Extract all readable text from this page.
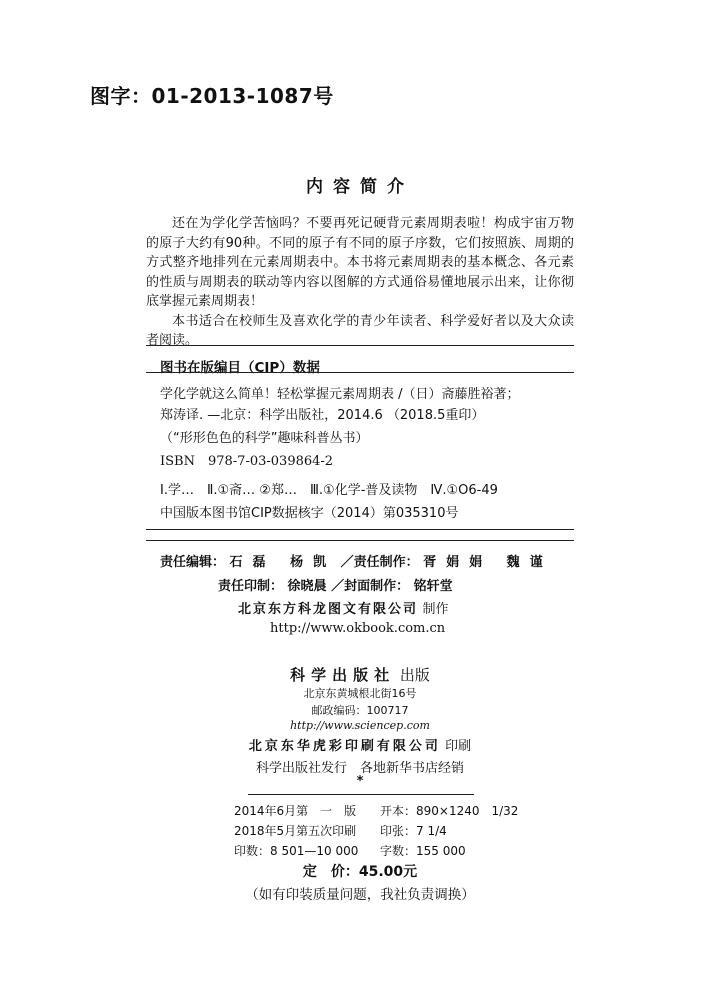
图字：01-2013-1087号
内容简介

还在为学化学苦恼吗？不要再死记硬背元素周期表啦！构成宇宙万物的原子大约有90种。不同的原子有不同的原子序数，它们按照族、周期的方式整齐地排列在元素周期表中。本书将元素周期表的基本概念、各元素的性质与周期表的联动等内容以图解的方式通俗易懂地展示出来，让你彻底掌握元素周期表！

本书适合在校师生及喜欢化学的青少年读者、科学爱好者以及大众读者阅读。

图书在版编目（CIP）数据
学化学就这么简单！轻松掌握元素周期表 /（日）斋藤胜裕著；
郑涛译. —北京：科学出版社，2014.6 （2018.5重印）
（“形形色色的科学”趣味科普丛书）
ISBN　978-7-03-039864-2
Ⅰ.学…　Ⅱ.①斋… ②郑…　Ⅲ.①化学-普及读物　Ⅳ.①O6-49
中国版本图书馆CIP数据核字（2014）第035310号
责任编辑： 石磊 杨凯 ／责任制作： 胥娟娟 魏谨
责任印制： 徐晓晨 ／封面制作： 铭轩堂
北京东方科龙图文有限公司 制作
http://www.okbook.com.cn
科学出版社 出版
北京东黄城根北街16号
邮政编码：100717
http://www.sciencep.com
北京东华虎彩印刷有限公司 印刷
科学出版社发行　各地新华书店经销
*
2014年6月第　一　版 开本：890×1240　1/32
2018年5月第五次印刷 印张：7 1/4
印数：8 501—10 000 字数：155 000
定　价：45.00元
（如有印装质量问题，我社负责调换）
